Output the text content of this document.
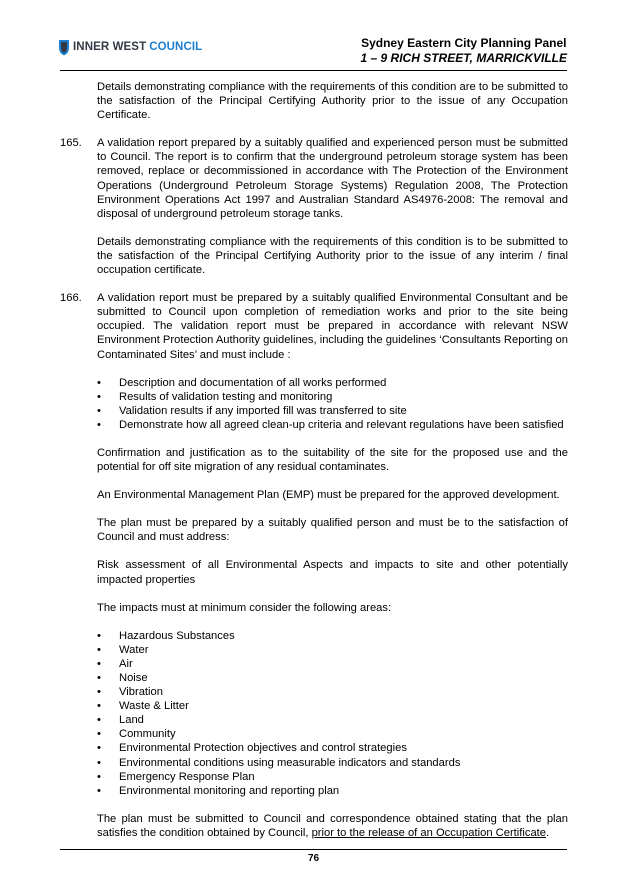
INNER WEST COUNCIL	Sydney Eastern City Planning Panel
1 – 9 RICH STREET, MARRICKVILLE

Details demonstrating compliance with the requirements of this condition are to be submitted to the satisfaction of the Principal Certifying Authority prior to the issue of any Occupation Certificate.

165.	A validation report prepared by a suitably qualified and experienced person must be submitted to Council. The report is to confirm that the underground petroleum storage system has been removed, replace or decommissioned in accordance with The Protection of the Environment Operations (Underground Petroleum Storage Systems) Regulation 2008, The Protection Environment Operations Act 1997 and Australian Standard AS4976-2008: The removal and disposal of underground petroleum storage tanks.

Details demonstrating compliance with the requirements of this condition is to be submitted to the satisfaction of the Principal Certifying Authority prior to the issue of any interim / final occupation certificate.

166.	A validation report must be prepared by a suitably qualified Environmental Consultant and be submitted to Council upon completion of remediation works and prior to the site being occupied. The validation report must be prepared in accordance with relevant NSW Environment Protection Authority guidelines, including the guidelines ‘Consultants Reporting on Contaminated Sites’ and must include :
•	Description and documentation of all works performed
•	Results of validation testing and monitoring
•	Validation results if any imported fill was transferred to site
•	Demonstrate how all agreed clean-up criteria and relevant regulations have been satisfied

Confirmation and justification as to the suitability of the site for the proposed use and the potential for off site migration of any residual contaminates.

An Environmental Management Plan (EMP) must be prepared for the approved development.

The plan must be prepared by a suitably qualified person and must be to the satisfaction of Council and must address:

Risk assessment of all Environmental Aspects and impacts to site and other potentially impacted properties

The impacts must at minimum consider the following areas:

•	Hazardous Substances
•	Water
•	Air
•	Noise
•	Vibration
•	Waste & Litter
•	Land
•	Community
•	Environmental Protection objectives and control strategies
•	Environmental conditions using measurable indicators and standards
•	Emergency Response Plan
•	Environmental monitoring and reporting plan

The plan must be submitted to Council and correspondence obtained stating that the plan satisfies the condition obtained by Council, prior to the release of an Occupation Certificate.

76
